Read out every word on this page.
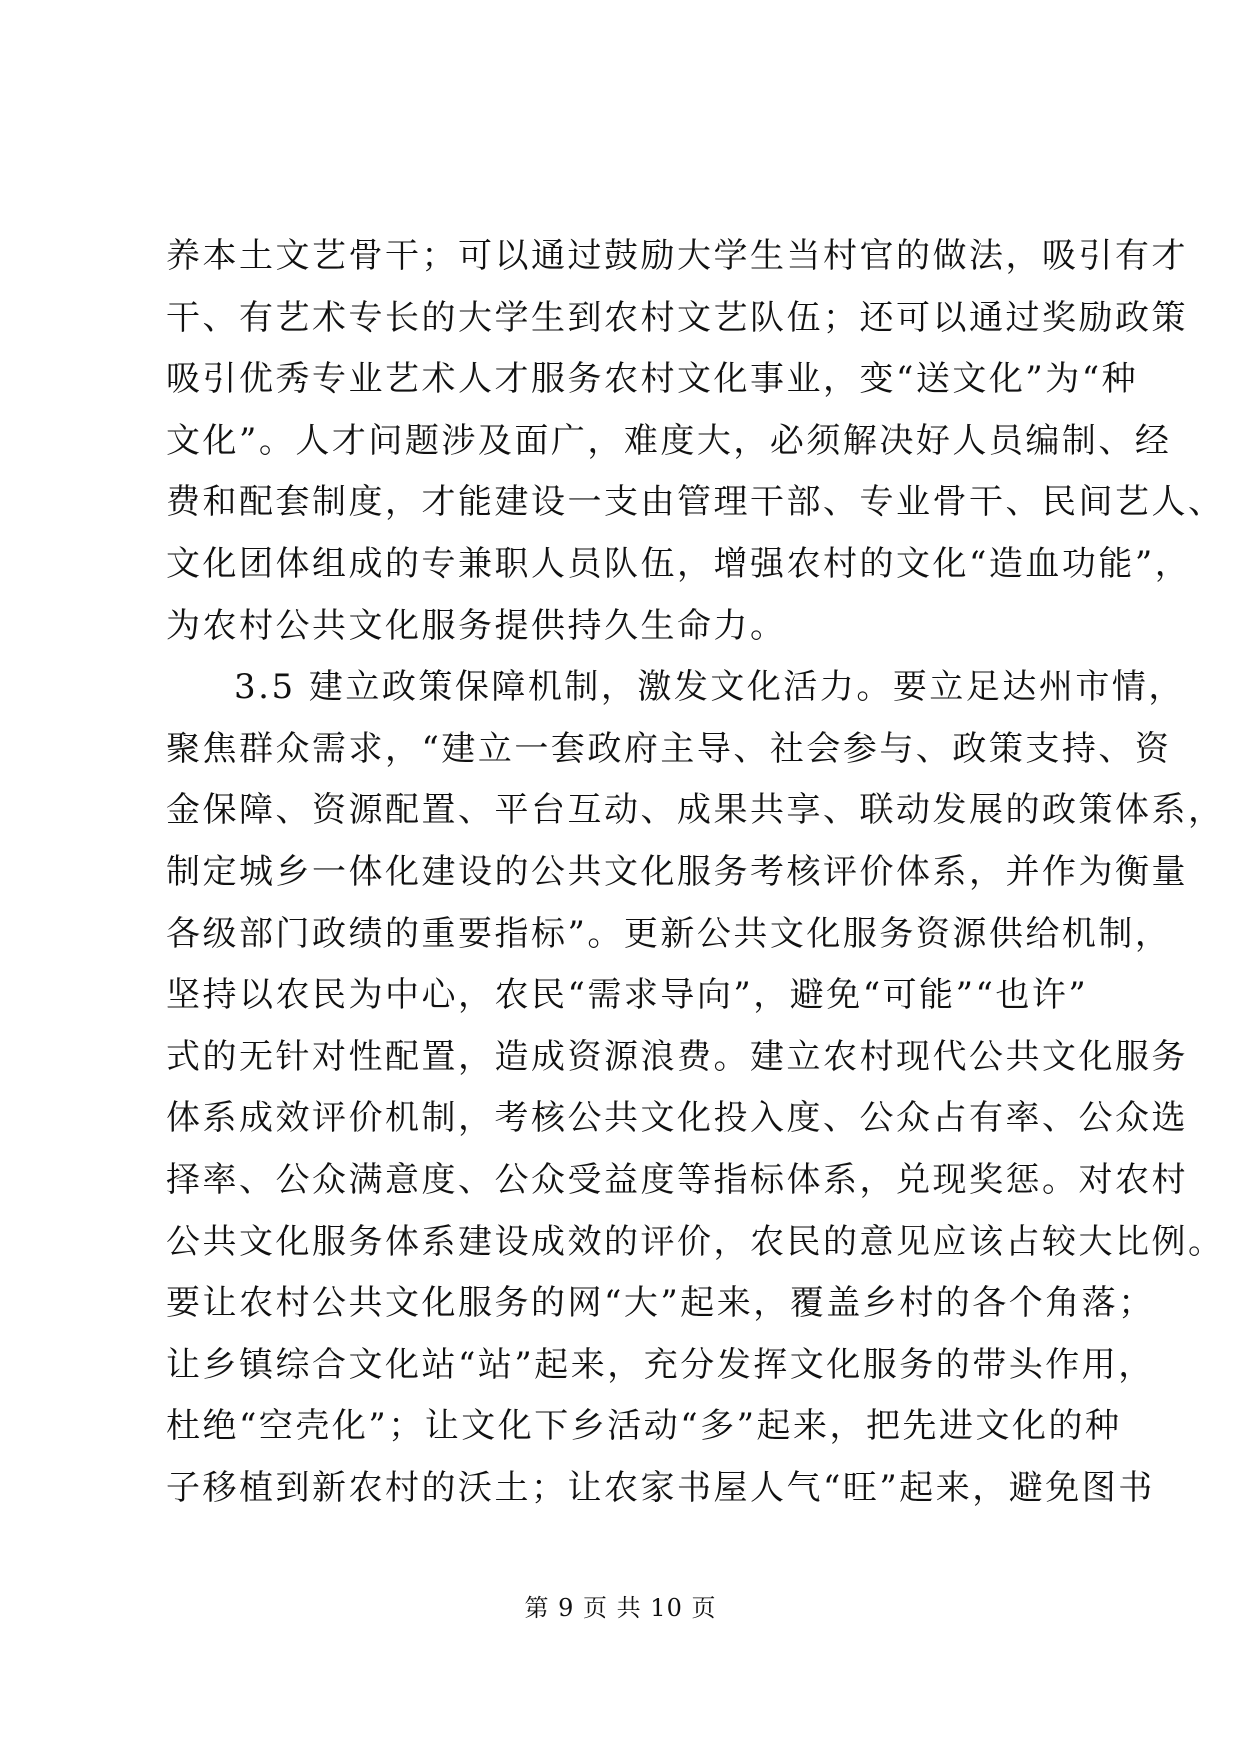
养本土文艺骨干；可以通过鼓励大学生当村官的做法，吸引有才
干、有艺术专长的大学生到农村文艺队伍；还可以通过奖励政策
吸引优秀专业艺术人才服务农村文化事业，变“送文化”为“种
文化”。人才问题涉及面广，难度大，必须解决好人员编制、经
费和配套制度，才能建设一支由管理干部、专业骨干、民间艺人、
文化团体组成的专兼职人员队伍，增强农村的文化“造血功能”，
为农村公共文化服务提供持久生命力。
3.5 建立政策保障机制，激发文化活力。要立足达州市情，
聚焦群众需求，“建立一套政府主导、社会参与、政策支持、资
金保障、资源配置、平台互动、成果共享、联动发展的政策体系，
制定城乡一体化建设的公共文化服务考核评价体系，并作为衡量
各级部门政绩的重要指标”。更新公共文化服务资源供给机制，
坚持以农民为中心，农民“需求导向”，避免“可能”“也许”
式的无针对性配置，造成资源浪费。建立农村现代公共文化服务
体系成效评价机制，考核公共文化投入度、公众占有率、公众选
择率、公众满意度、公众受益度等指标体系，兑现奖惩。对农村
公共文化服务体系建设成效的评价，农民的意见应该占较大比例。
要让农村公共文化服务的网“大”起来，覆盖乡村的各个角落；
让乡镇综合文化站“站”起来，充分发挥文化服务的带头作用，
杜绝“空壳化”；让文化下乡活动“多”起来，把先进文化的种
子移植到新农村的沃土；让农家书屋人气“旺”起来，避免图书
第 9 页 共 10 页
